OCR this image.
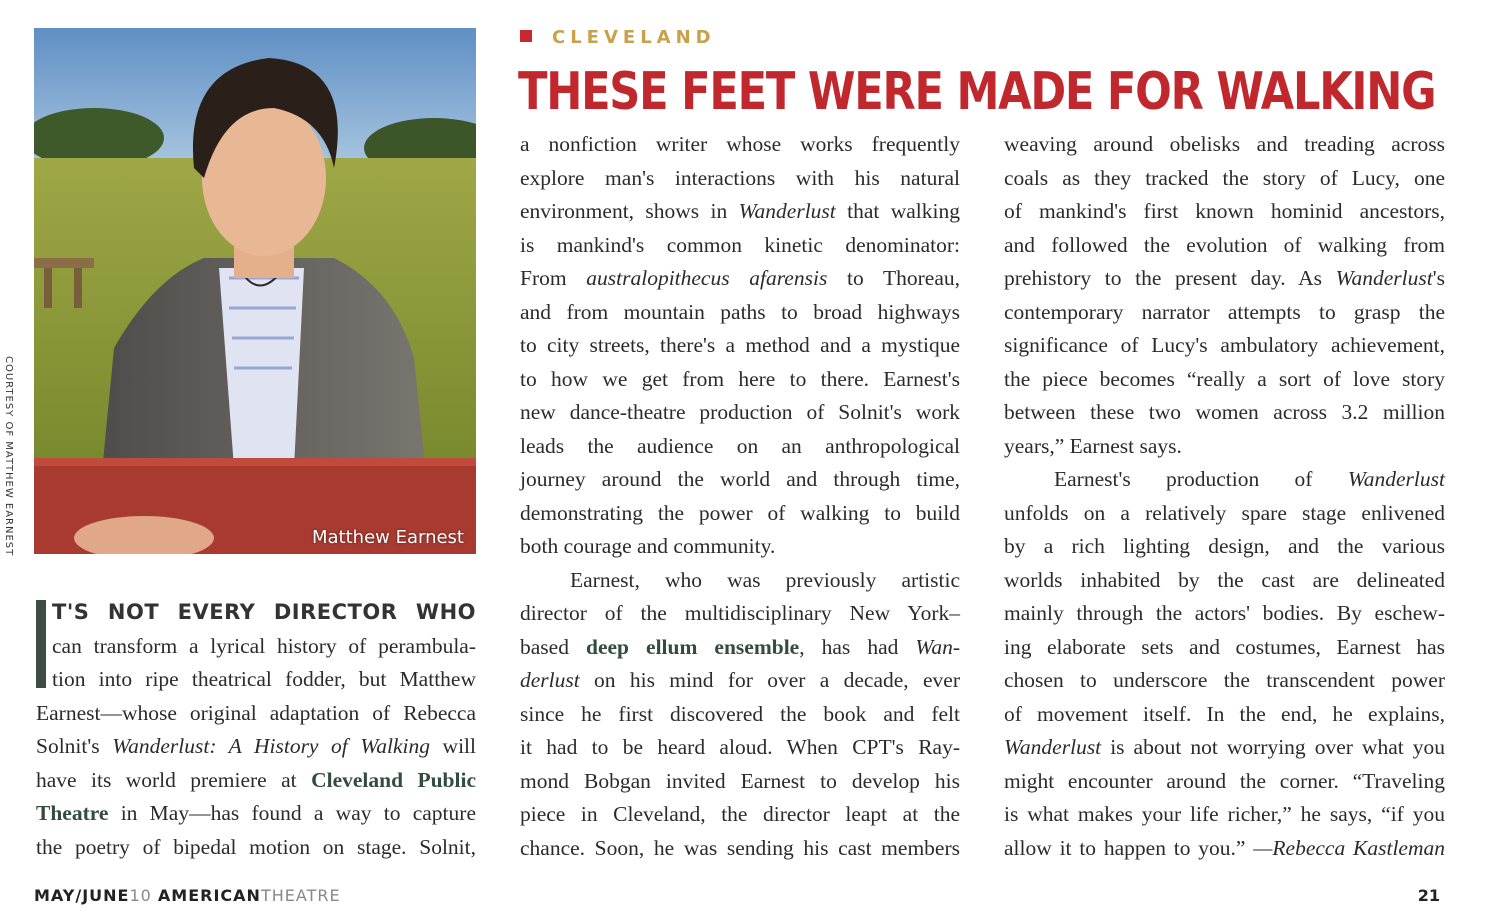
Matthew Earnest
COURTESY OF MATTHEW EARNEST
CLEVELAND
THESE FEET WERE MADE FOR WALKING
T'S NOT EVERY DIRECTOR WHO
can transform a lyrical history of perambula-
tion into ripe theatrical fodder, but Matthew
Earnest—whose original adaptation of Rebecca
Solnit's Wanderlust: A History of Walking will
have its world premiere at Cleveland Public
Theatre in May—has found a way to capture
the poetry of bipedal motion on stage. Solnit,
a nonfiction writer whose works frequently
explore man's interactions with his natural
environment, shows in Wanderlust that walking
is mankind's common kinetic denominator:
From australopithecus afarensis to Thoreau,
and from mountain paths to broad highways
to city streets, there's a method and a mystique
to how we get from here to there. Earnest's
new dance-theatre production of Solnit's work
leads the audience on an anthropological
journey around the world and through time,
demonstrating the power of walking to build
both courage and community.
Earnest, who was previously artistic
director of the multidisciplinary New York–
based deep ellum ensemble, has had Wan-
derlust on his mind for over a decade, ever
since he first discovered the book and felt
it had to be heard aloud. When CPT's Ray-
mond Bobgan invited Earnest to develop his
piece in Cleveland, the director leapt at the
chance. Soon, he was sending his cast members
weaving around obelisks and treading across
coals as they tracked the story of Lucy, one
of mankind's first known hominid ancestors,
and followed the evolution of walking from
prehistory to the present day. As Wanderlust's
contemporary narrator attempts to grasp the
significance of Lucy's ambulatory achievement,
the piece becomes “really a sort of love story
between these two women across 3.2 million
years,” Earnest says.
Earnest's production of Wanderlust
unfolds on a relatively spare stage enlivened
by a rich lighting design, and the various
worlds inhabited by the cast are delineated
mainly through the actors' bodies. By eschew-
ing elaborate sets and costumes, Earnest has
chosen to underscore the transcendent power
of movement itself. In the end, he explains,
Wanderlust is about not worrying over what you
might encounter around the corner. “Traveling
is what makes your life richer,” he says, “if you
allow it to happen to you.” —Rebecca Kastleman
MAY/JUNE10 AMERICANTHEATRE	21
